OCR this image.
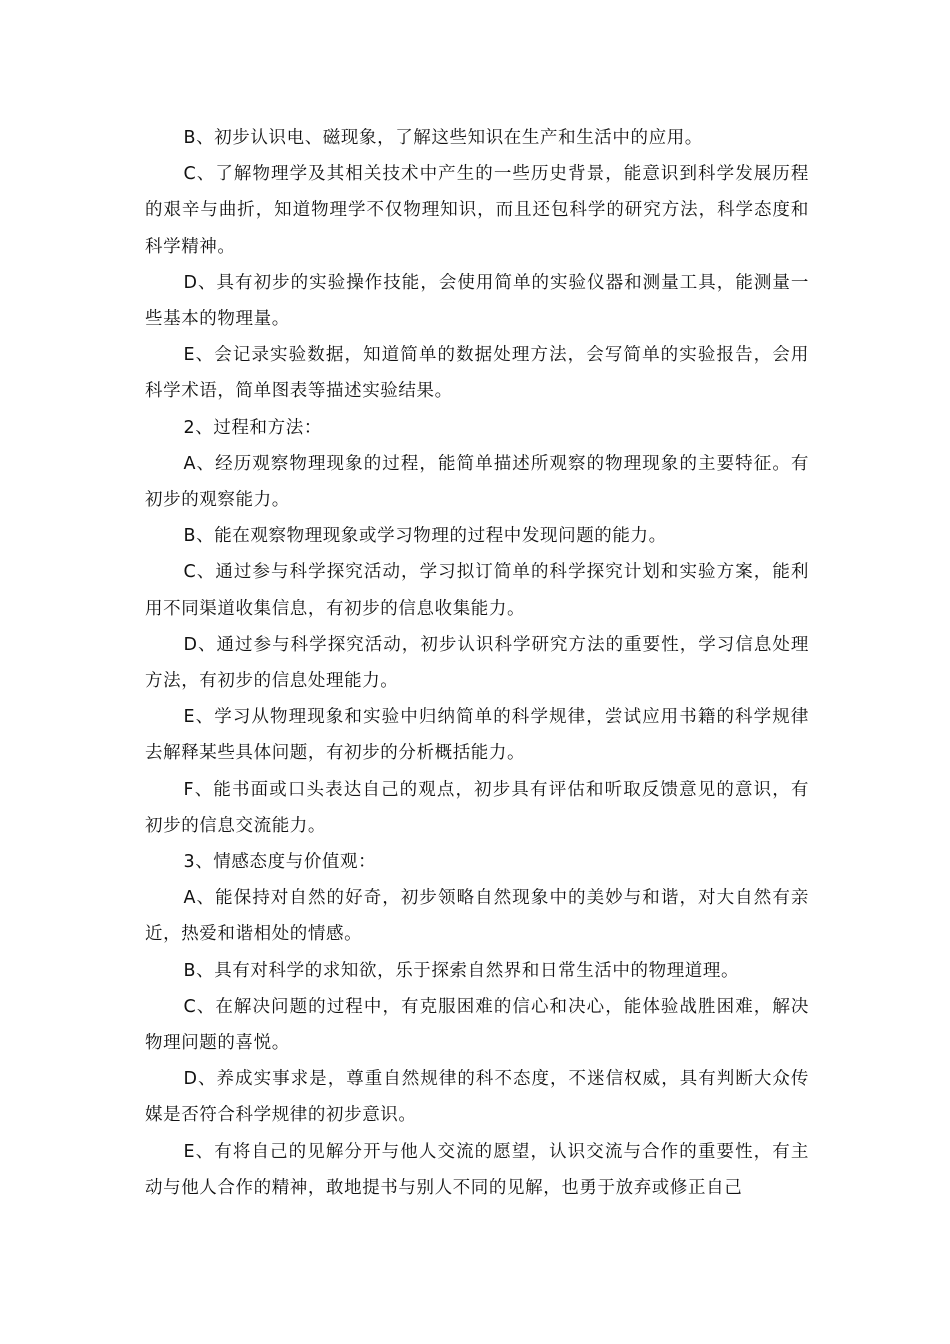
B、初步认识电、磁现象，了解这些知识在生产和生活中的应用。

C、了解物理学及其相关技术中产生的一些历史背景，能意识到科学发展历程的艰辛与曲折，知道物理学不仅物理知识，而且还包科学的研究方法，科学态度和科学精神。

D、具有初步的实验操作技能，会使用简单的实验仪器和测量工具，能测量一些基本的物理量。

E、会记录实验数据，知道简单的数据处理方法，会写简单的实验报告，会用科学术语，简单图表等描述实验结果。

2、过程和方法：

A、经历观察物理现象的过程，能简单描述所观察的物理现象的主要特征。有初步的观察能力。

B、能在观察物理现象或学习物理的过程中发现问题的能力。

C、通过参与科学探究活动，学习拟订简单的科学探究计划和实验方案，能利用不同渠道收集信息，有初步的信息收集能力。

D、通过参与科学探究活动，初步认识科学研究方法的重要性，学习信息处理方法，有初步的信息处理能力。

E、学习从物理现象和实验中归纳简单的科学规律，尝试应用书籍的科学规律去解释某些具体问题，有初步的分析概括能力。

F、能书面或口头表达自己的观点，初步具有评估和听取反馈意见的意识，有初步的信息交流能力。

3、情感态度与价值观：

A、能保持对自然的好奇，初步领略自然现象中的美妙与和谐，对大自然有亲近，热爱和谐相处的情感。

B、具有对科学的求知欲，乐于探索自然界和日常生活中的物理道理。

C、在解决问题的过程中，有克服困难的信心和决心，能体验战胜困难，解决物理问题的喜悦。

D、养成实事求是，尊重自然规律的科不态度，不迷信权威，具有判断大众传媒是否符合科学规律的初步意识。

E、有将自己的见解分开与他人交流的愿望，认识交流与合作的重要性，有主动与他人合作的精神，敢地提书与别人不同的见解，也勇于放弃或修正自己
